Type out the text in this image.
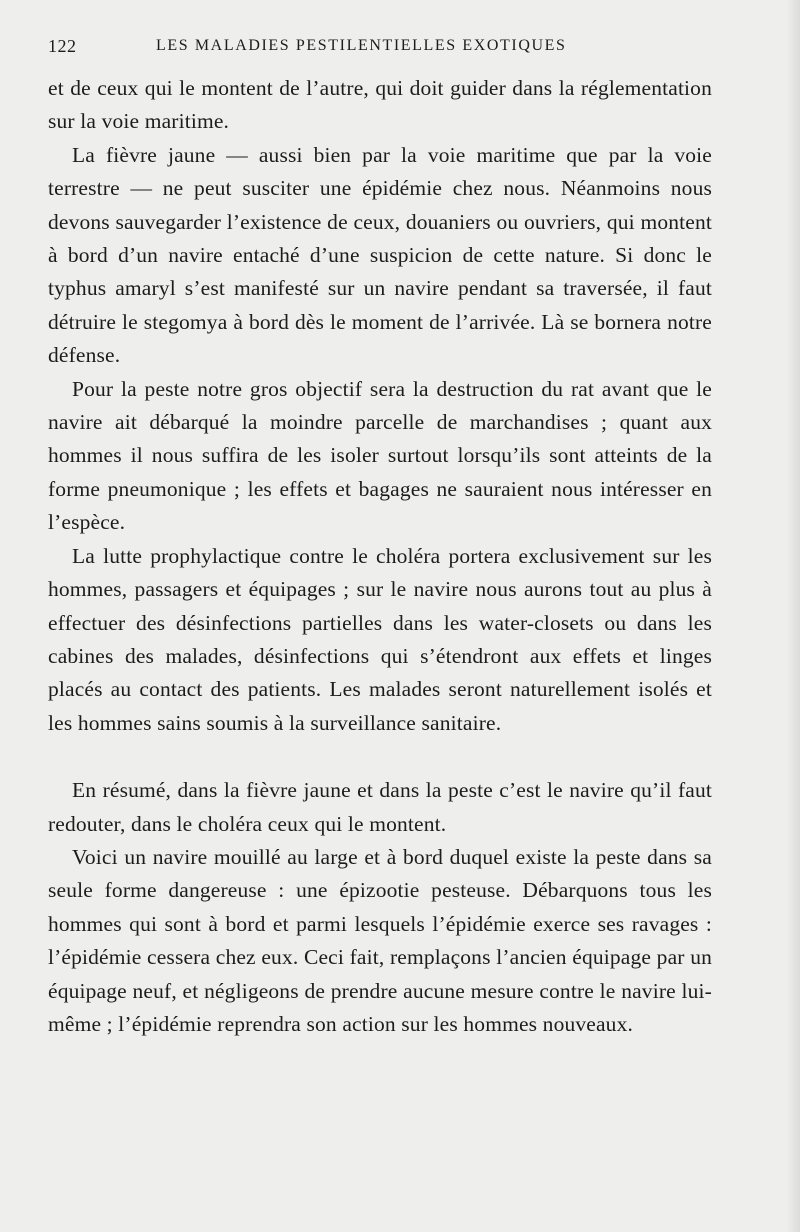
122	LES MALADIES PESTILENTIELLES EXOTIQUES

et de ceux qui le montent de l’autre, qui doit guider dans la réglementation sur la voie maritime.

La fièvre jaune — aussi bien par la voie maritime que par la voie terrestre — ne peut susciter une épidémie chez nous. Néanmoins nous devons sauvegarder l’existence de ceux, douaniers ou ouvriers, qui montent à bord d’un navire entaché d’une suspicion de cette nature. Si donc le typhus amaryl s’est manifesté sur un navire pendant sa traversée, il faut détruire le stegomya à bord dès le moment de l’arrivée. Là se bornera notre défense.

Pour la peste notre gros objectif sera la destruction du rat avant que le navire ait débarqué la moindre parcelle de marchandises ; quant aux hommes il nous suffira de les isoler surtout lorsqu’ils sont atteints de la forme pneumonique ; les effets et bagages ne sauraient nous intéresser en l’espèce.

La lutte prophylactique contre le choléra portera exclusivement sur les hommes, passagers et équipages ; sur le navire nous aurons tout au plus à effectuer des désinfections partielles dans les water-closets ou dans les cabines des malades, désinfections qui s’étendront aux effets et linges placés au contact des patients. Les malades seront naturellement isolés et les hommes sains soumis à la surveillance sanitaire.

En résumé, dans la fièvre jaune et dans la peste c’est le navire qu’il faut redouter, dans le choléra ceux qui le montent.

Voici un navire mouillé au large et à bord duquel existe la peste dans sa seule forme dangereuse : une épizootie pesteuse. Débarquons tous les hommes qui sont à bord et parmi lesquels l’épidémie exerce ses ravages : l’épidémie cessera chez eux. Ceci fait, remplaçons l’ancien équipage par un équipage neuf, et négligeons de prendre aucune mesure contre le navire lui-même ; l’épidémie reprendra son action sur les hommes nouveaux.
